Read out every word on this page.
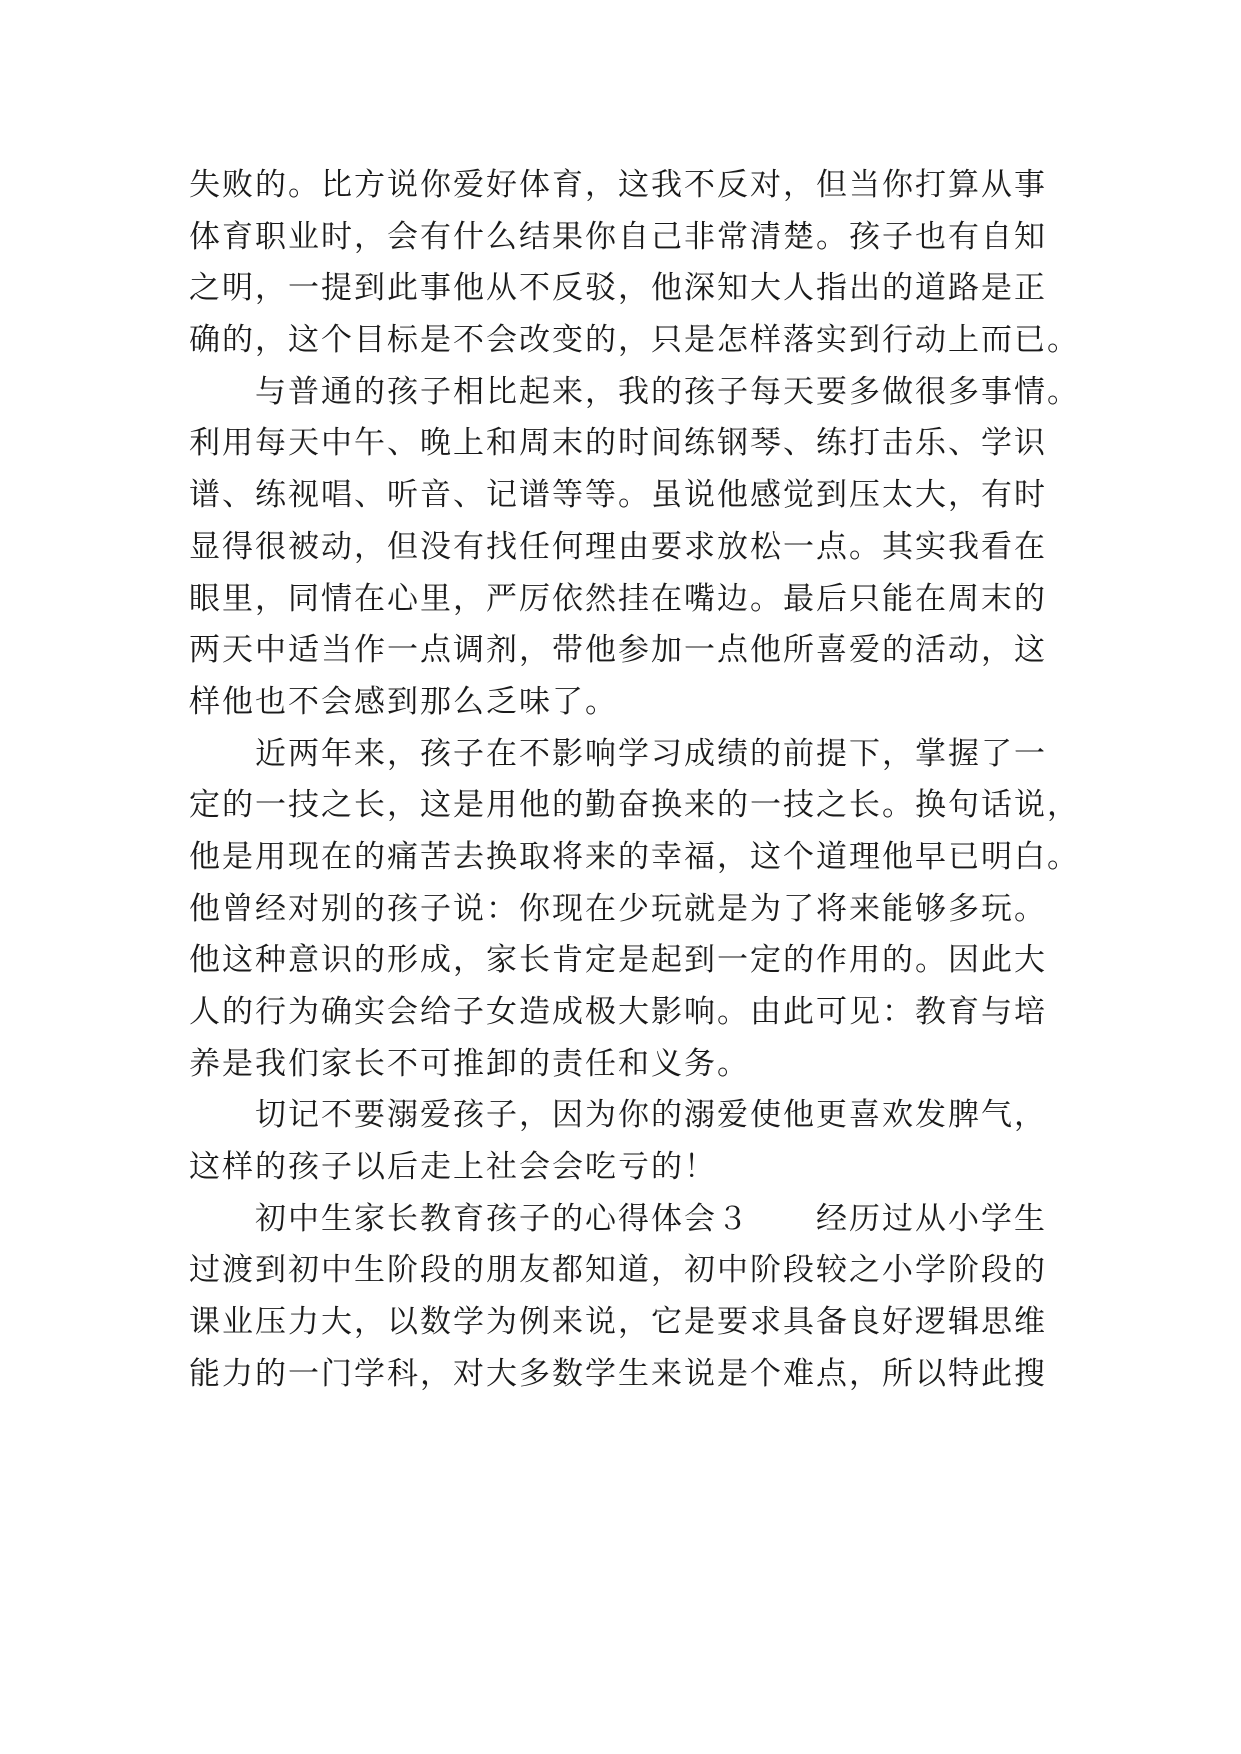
失败的。比方说你爱好体育，这我不反对，但当你打算从事
体育职业时，会有什么结果你自己非常清楚。孩子也有自知
之明，一提到此事他从不反驳，他深知大人指出的道路是正
确的，这个目标是不会改变的，只是怎样落实到行动上而已。
　　与普通的孩子相比起来，我的孩子每天要多做很多事情。
利用每天中午、晚上和周末的时间练钢琴、练打击乐、学识
谱、练视唱、听音、记谱等等。虽说他感觉到压太大，有时
显得很被动，但没有找任何理由要求放松一点。其实我看在
眼里，同情在心里，严厉依然挂在嘴边。最后只能在周末的
两天中适当作一点调剂，带他参加一点他所喜爱的活动，这
样他也不会感到那么乏味了。
　　近两年来，孩子在不影响学习成绩的前提下，掌握了一
定的一技之长，这是用他的勤奋换来的一技之长。换句话说，
他是用现在的痛苦去换取将来的幸福，这个道理他早已明白。
他曾经对别的孩子说：你现在少玩就是为了将来能够多玩。
他这种意识的形成，家长肯定是起到一定的作用的。因此大
人的行为确实会给子女造成极大影响。由此可见：教育与培
养是我们家长不可推卸的责任和义务。
　　切记不要溺爱孩子，因为你的溺爱使他更喜欢发脾气，
这样的孩子以后走上社会会吃亏的！
　　初中生家长教育孩子的心得体会３　　经历过从小学生
过渡到初中生阶段的朋友都知道，初中阶段较之小学阶段的
课业压力大，以数学为例来说，它是要求具备良好逻辑思维
能力的一门学科，对大多数学生来说是个难点，所以特此搜
